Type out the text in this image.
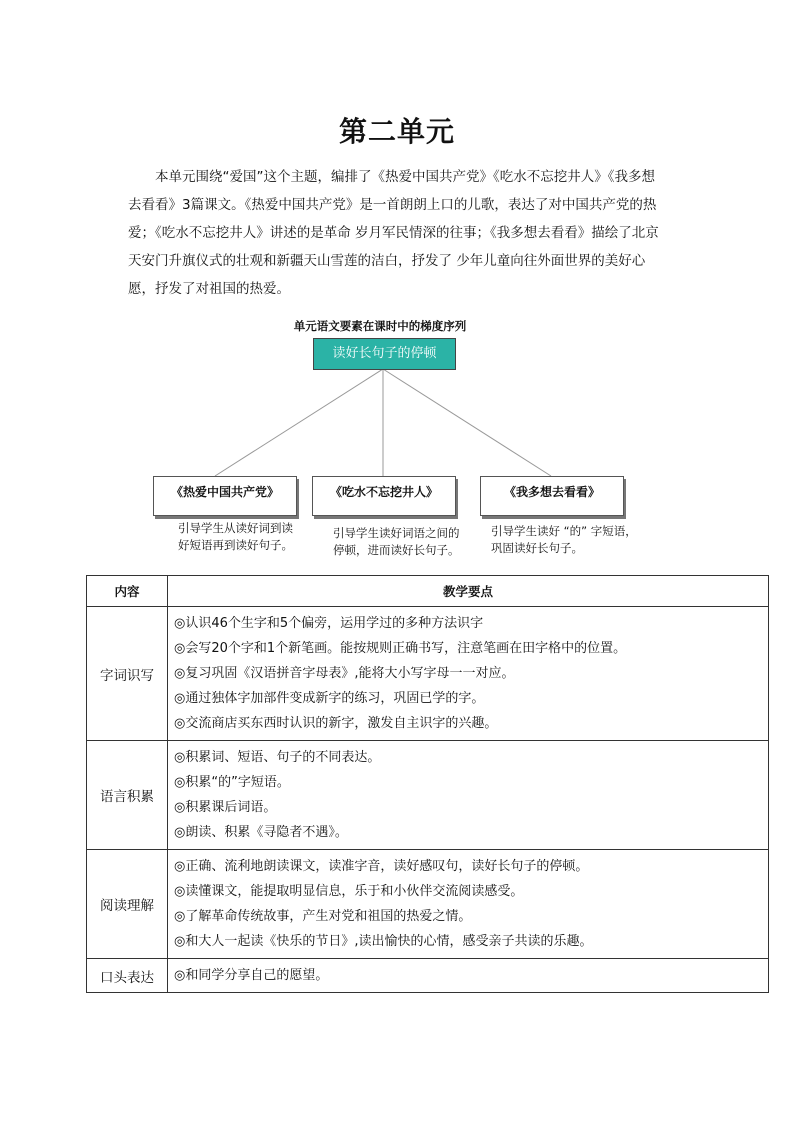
第二单元

本单元围绕“爱国”这个主题，编排了《热爱中国共产党》《吃水不忘挖井人》《我多想去看看》3篇课文。《热爱中国共产党》是一首朗朗上口的儿歌，表达了对中国共产党的热爱；《吃水不忘挖井人》讲述的是革命 岁月军民情深的往事；《我多想去看看》描绘了北京天安门升旗仪式的壮观和新疆天山雪莲的洁白，抒发了 少年儿童向往外面世界的美好心愿，抒发了对祖国的热爱。

单元语文要素在课时中的梯度序列
读好长句子的停顿
《热爱中国共产党》	《吃水不忘挖井人》	《我多想去看看》
引导学生从读好词到读
好短语再到读好句子。
引导学生读好词语之间的
停顿，进而读好长句子。
引导学生读好 “的” 字短语，
巩固读好长句子。
内容	教学要点
字词识写	◎认识46个生字和5个偏旁，运用学过的多种方法识字
◎会写20个字和1个新笔画。能按规则正确书写，注意笔画在田字格中的位置。
◎复习巩固《汉语拼音字母表》,能将大小写字母一一对应。
◎通过独体字加部件变成新字的练习，巩固已学的字。
◎交流商店买东西时认识的新字，激发自主识字的兴趣。

语言积累	◎积累词、短语、句子的不同表达。
◎积累“的”字短语。
◎积累课后词语。
◎朗读、积累《寻隐者不遇》。

阅读理解	◎正确、流利地朗读课文，读准字音，读好感叹句，读好长句子的停顿。
◎读懂课文，能提取明显信息，乐于和小伙伴交流阅读感受。
◎了解革命传统故事，产生对党和祖国的热爱之情。
◎和大人一起读《快乐的节日》,读出愉快的心情，感受亲子共读的乐趣。

口头表达	◎和同学分享自己的愿望。
